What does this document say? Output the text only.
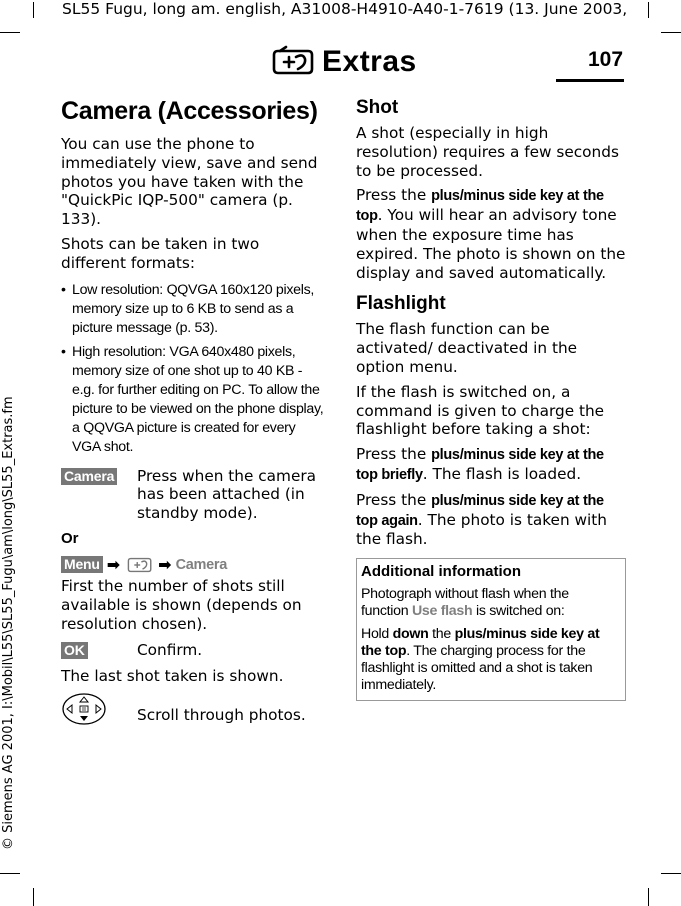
SL55 Fugu, long am. english, A31008-H4910-A40-1-7619 (13. June 2003,
© Siemens AG 2001, I:\Mobil\L55\SL55_Fugu\am\long\SL55_Extras.fm
Extras	107
Camera (Accessories)

You can use the phone to immediately view, save and send photos you have taken with the "QuickPic IQP-500" camera (p. 133).

Shots can be taken in two different formats:

• Low resolution: QQVGA 160x120 pixels, memory size up to 6 KB to send as a picture message (p. 53).
• High resolution: VGA 640x480 pixels, memory size of one shot up to 40 KB - e.g. for further editing on PC. To allow the picture to be viewed on the phone display, a QQVGA picture is created for every VGA shot.
Camera	Press when the camera has been attached (in standby mode).
Or
Menu ➡ ➡ Camera

First the number of shots still available is shown (depends on resolution chosen).

OK	Confirm.

The last shot taken is shown.

Scroll through photos.
Shot

A shot (especially in high resolution) requires a few seconds to be processed.

Press the plus/minus side key at the top. You will hear an advisory tone when the exposure time has expired. The photo is shown on the display and saved automatically.

Flashlight

The flash function can be activated/ deactivated in the option menu.

If the flash is switched on, a command is given to charge the flashlight before taking a shot:

Press the plus/minus side key at the top briefly. The flash is loaded.

Press the plus/minus side key at the top again. The photo is taken with the flash.

Additional information
Photograph without flash when the function Use flash is switched on:
Hold down the plus/minus side key at the top. The charging process for the flashlight is omitted and a shot is taken immediately.
